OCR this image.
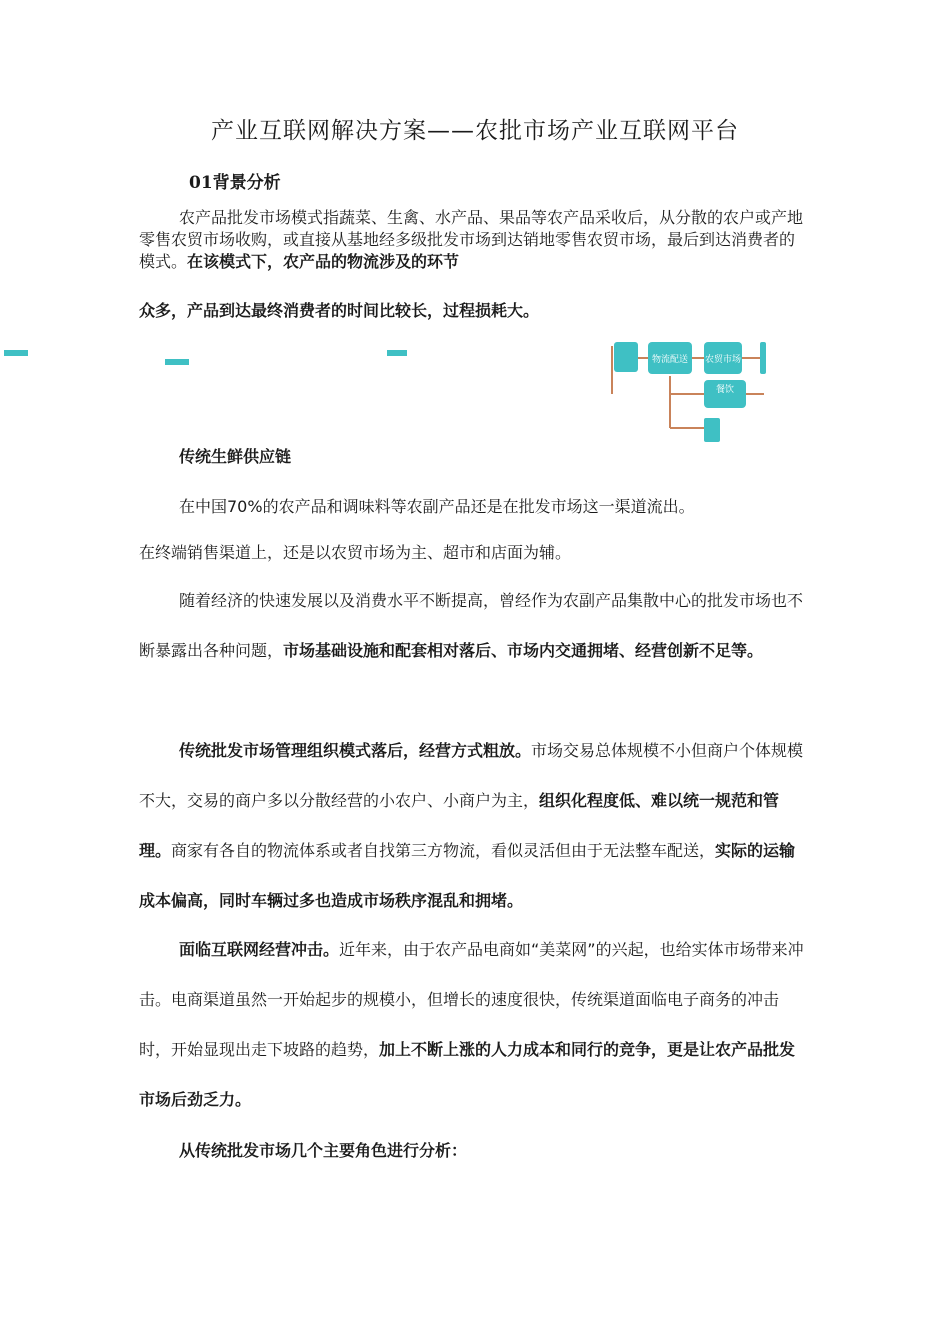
产业互联网解决方案——农批市场产业互联网平台
01背景分析

农产品批发市场模式指蔬菜、生禽、水产品、果品等农产品采收后，从分散的农户或产地零售农贸市场收购，或直接从基地经多级批发市场到达销地零售农贸市场，最后到达消费者的模式。在该模式下，农产品的物流涉及的环节

众多，产品到达最终消费者的时间比较长，过程损耗大。

物流配送 农贸市场
餐饮

传统生鲜供应链

在中国70%的农产品和调味料等农副产品还是在批发市场这一渠道流出。

在终端销售渠道上，还是以农贸市场为主、超市和店面为辅。

随着经济的快速发展以及消费水平不断提高，曾经作为农副产品集散中心的批发市场也不断暴露出各种问题，市场基础设施和配套相对落后、市场内交通拥堵、经营创新不足等。

传统批发市场管理组织模式落后，经营方式粗放。市场交易总体规模不小但商户个体规模不大，交易的商户多以分散经营的小农户、小商户为主，组织化程度低、难以统一规范和管理。商家有各自的物流体系或者自找第三方物流，看似灵活但由于无法整车配送，实际的运输成本偏高，同时车辆过多也造成市场秩序混乱和拥堵。

面临互联网经营冲击。近年来，由于农产品电商如“美菜网”的兴起，也给实体市场带来冲击。电商渠道虽然一开始起步的规模小，但增长的速度很快，传统渠道面临电子商务的冲击时，开始显现出走下坡路的趋势，加上不断上涨的人力成本和同行的竞争，更是让农产品批发市场后劲乏力。

从传统批发市场几个主要角色进行分析：
